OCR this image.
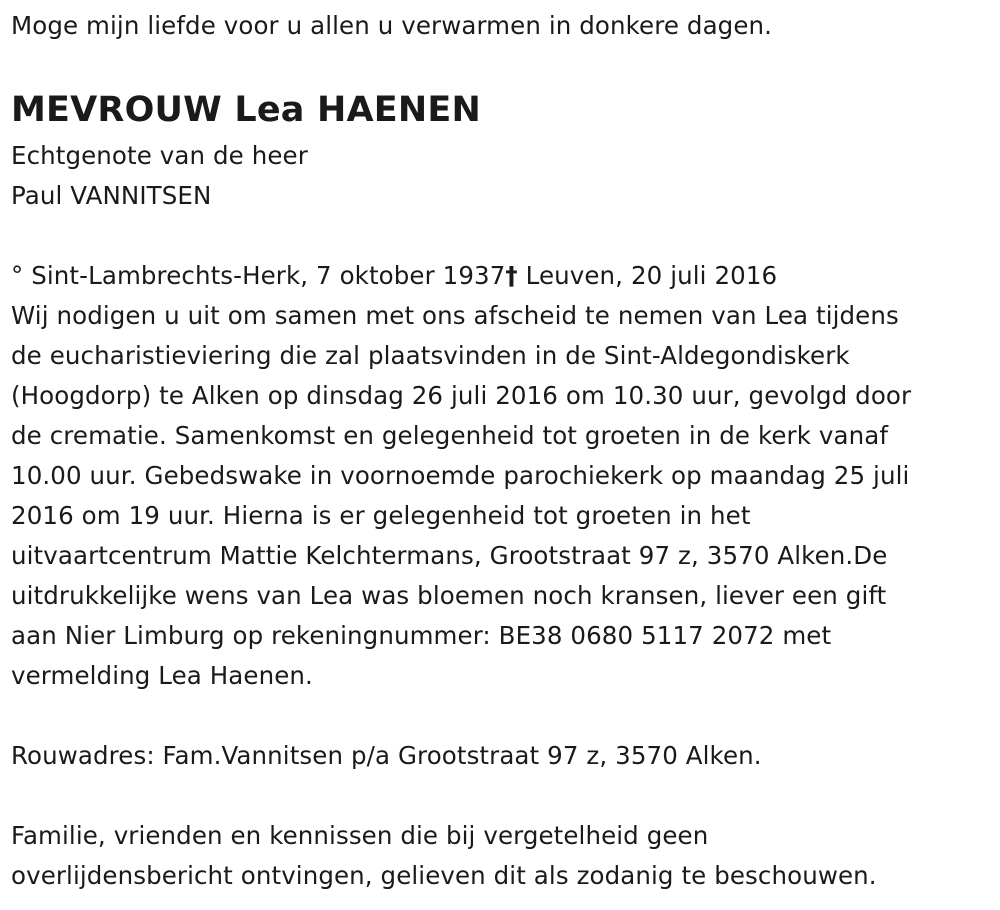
Moge mijn liefde voor u allen u verwarmen in donkere dagen.
MEVROUW Lea HAENEN
Echtgenote van de heer
Paul VANNITSEN
° Sint-Lambrechts-Herk, 7 oktober 1937† Leuven, 20 juli 2016
Wij nodigen u uit om samen met ons afscheid te nemen van Lea tijdens
de eucharistieviering die zal plaatsvinden in de Sint-Aldegondiskerk
(Hoogdorp) te Alken op dinsdag 26 juli 2016 om 10.30 uur, gevolgd door
de crematie. Samenkomst en gelegenheid tot groeten in de kerk vanaf
10.00 uur. Gebedswake in voornoemde parochiekerk op maandag 25 juli
2016 om 19 uur. Hierna is er gelegenheid tot groeten in het
uitvaartcentrum Mattie Kelchtermans, Grootstraat 97 z, 3570 Alken.De
uitdrukkelijke wens van Lea was bloemen noch kransen, liever een gift
aan Nier Limburg op rekeningnummer: BE38 0680 5117 2072 met
vermelding Lea Haenen.
Rouwadres: Fam.Vannitsen p/a Grootstraat 97 z, 3570 Alken.
Familie, vrienden en kennissen die bij vergetelheid geen
overlijdensbericht ontvingen, gelieven dit als zodanig te beschouwen.
